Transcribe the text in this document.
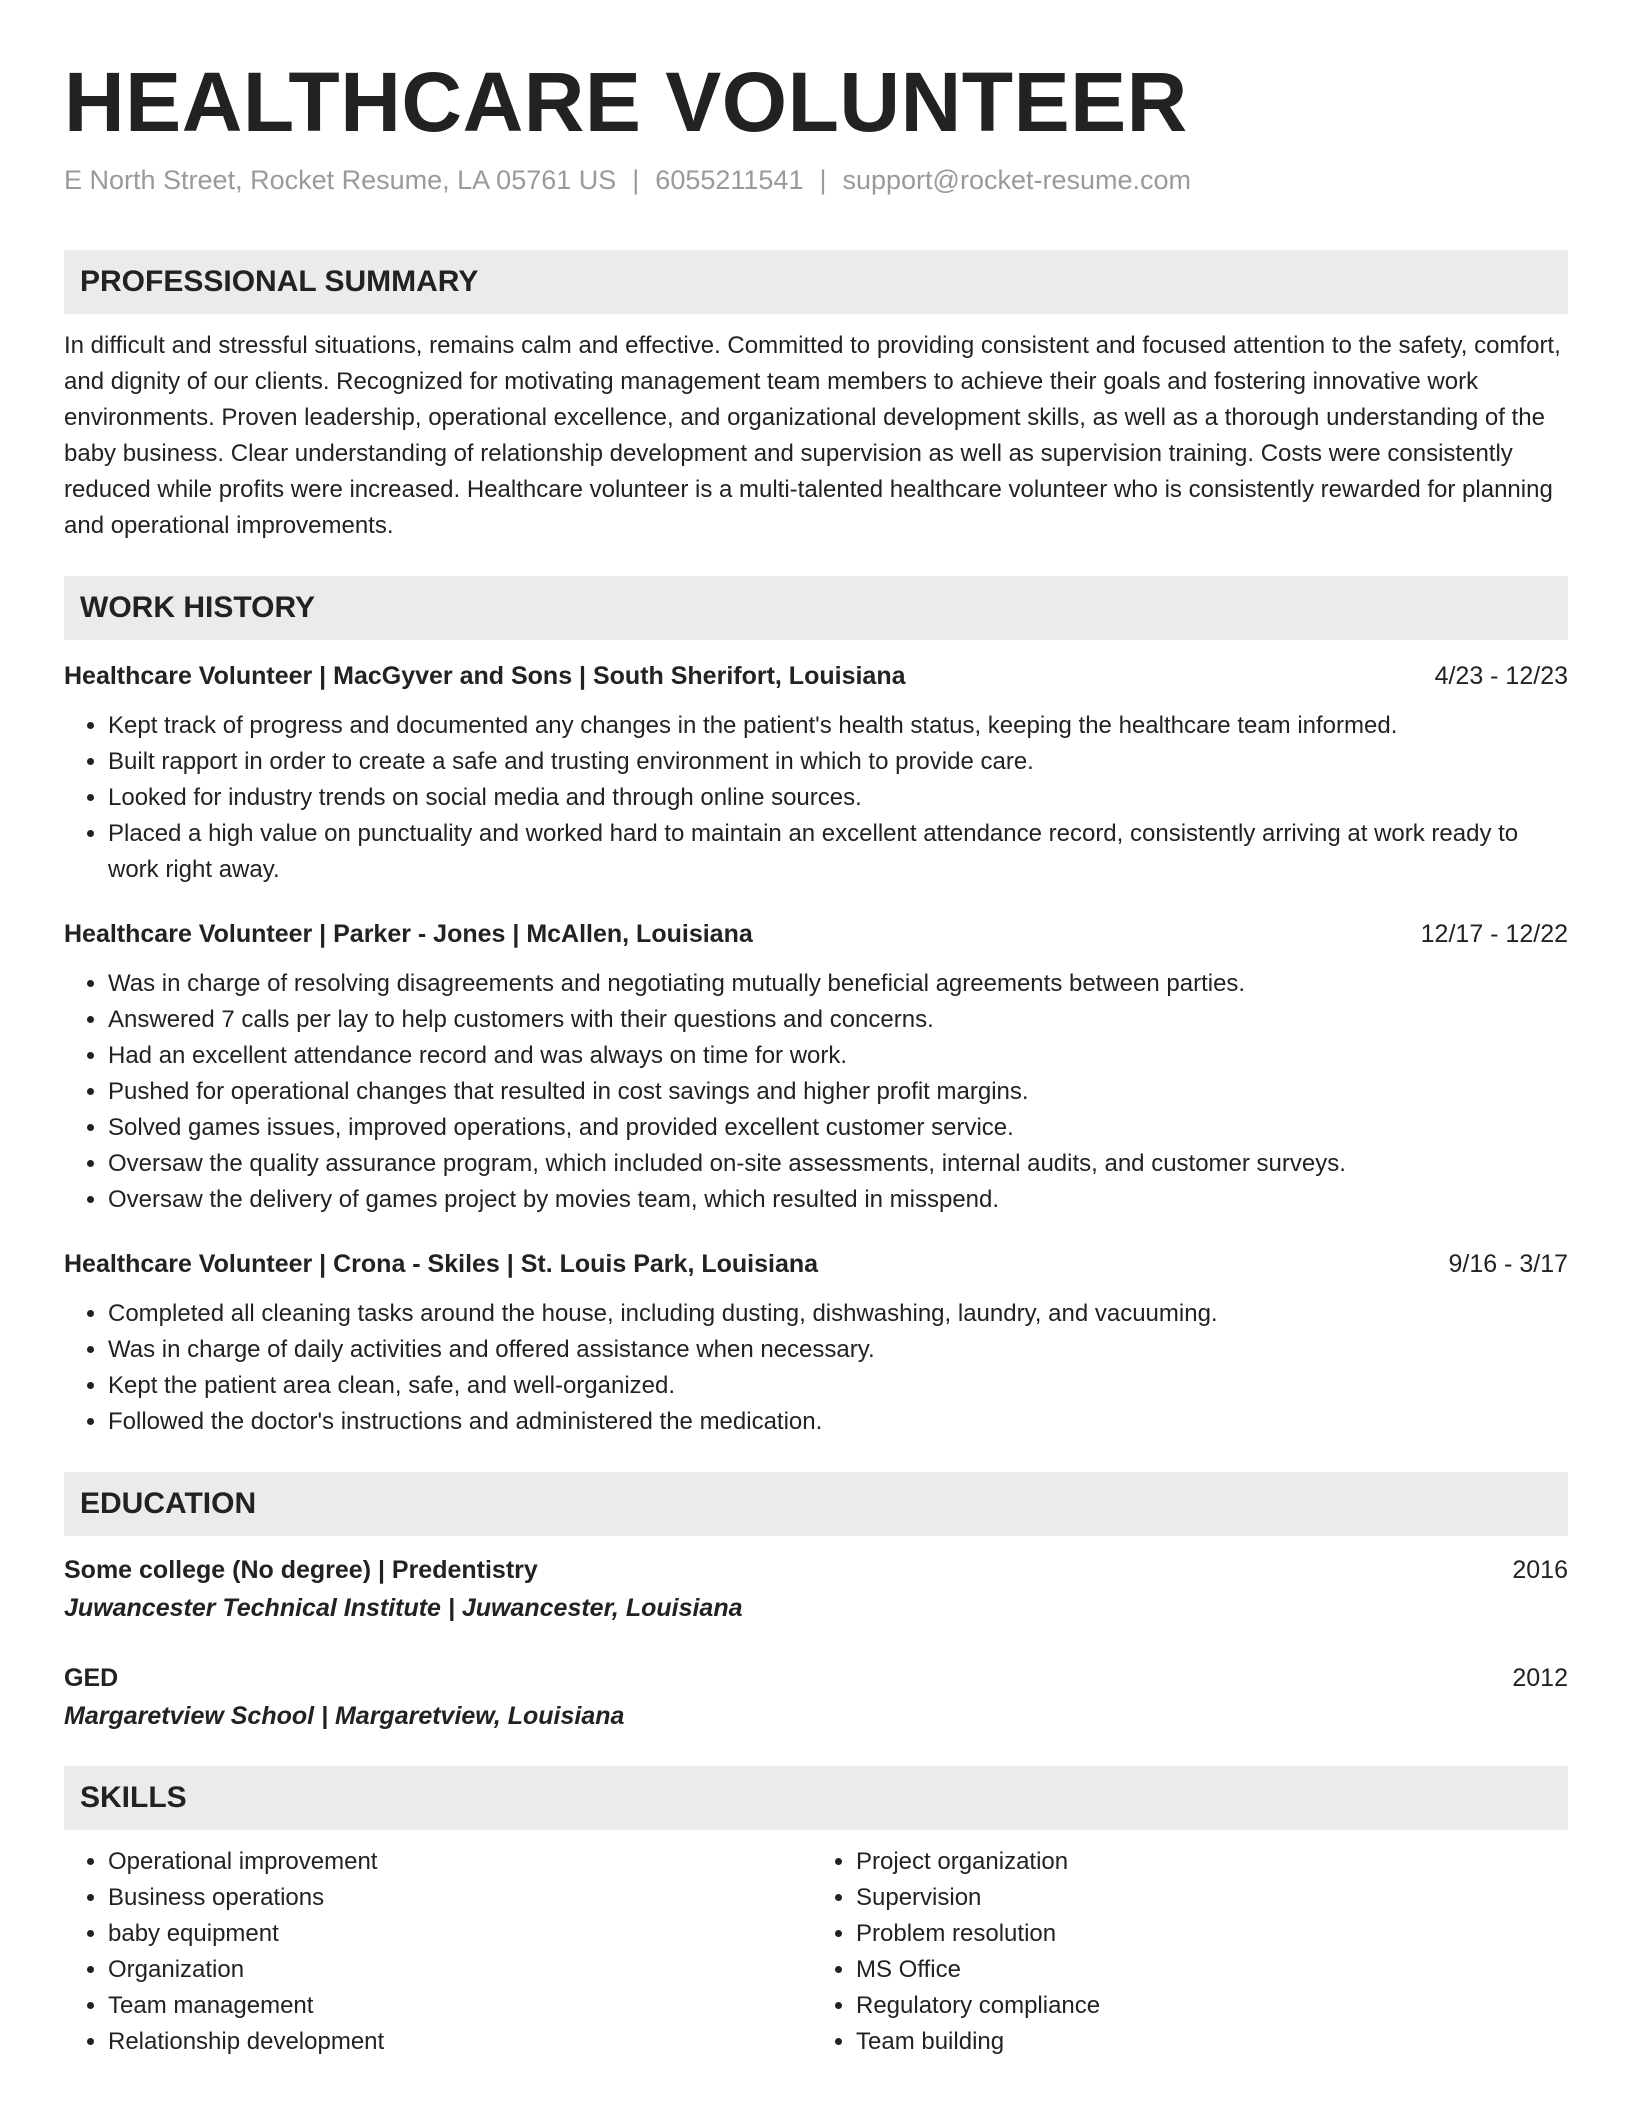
HEALTHCARE VOLUNTEER
E North Street, Rocket Resume, LA 05761 US | 6055211541 | support@rocket-resume.com
PROFESSIONAL SUMMARY
In difficult and stressful situations, remains calm and effective. Committed to providing consistent and focused attention to the safety, comfort, and dignity of our clients. Recognized for motivating management team members to achieve their goals and fostering innovative work environments. Proven leadership, operational excellence, and organizational development skills, as well as a thorough understanding of the baby business. Clear understanding of relationship development and supervision as well as supervision training. Costs were consistently reduced while profits were increased. Healthcare volunteer is a multi-talented healthcare volunteer who is consistently rewarded for planning and operational improvements.
WORK HISTORY
Healthcare Volunteer | MacGyver and Sons | South Sherifort, Louisiana	4/23 - 12/23
• Kept track of progress and documented any changes in the patient's health status, keeping the healthcare team informed.
• Built rapport in order to create a safe and trusting environment in which to provide care.
• Looked for industry trends on social media and through online sources.
• Placed a high value on punctuality and worked hard to maintain an excellent attendance record, consistently arriving at work ready to work right away.
Healthcare Volunteer | Parker - Jones | McAllen, Louisiana	12/17 - 12/22
• Was in charge of resolving disagreements and negotiating mutually beneficial agreements between parties.
• Answered 7 calls per lay to help customers with their questions and concerns.
• Had an excellent attendance record and was always on time for work.
• Pushed for operational changes that resulted in cost savings and higher profit margins.
• Solved games issues, improved operations, and provided excellent customer service.
• Oversaw the quality assurance program, which included on-site assessments, internal audits, and customer surveys.
• Oversaw the delivery of games project by movies team, which resulted in misspend.
Healthcare Volunteer | Crona - Skiles | St. Louis Park, Louisiana	9/16 - 3/17
• Completed all cleaning tasks around the house, including dusting, dishwashing, laundry, and vacuuming.
• Was in charge of daily activities and offered assistance when necessary.
• Kept the patient area clean, safe, and well-organized.
• Followed the doctor's instructions and administered the medication.
EDUCATION
Some college (No degree) | Predentistry	2016
Juwancester Technical Institute | Juwancester, Louisiana
GED	2012
Margaretview School | Margaretview, Louisiana
SKILLS
• Operational improvement
• Business operations
• baby equipment
• Organization
• Team management
• Relationship development
• Project organization
• Supervision
• Problem resolution
• MS Office
• Regulatory compliance
• Team building
